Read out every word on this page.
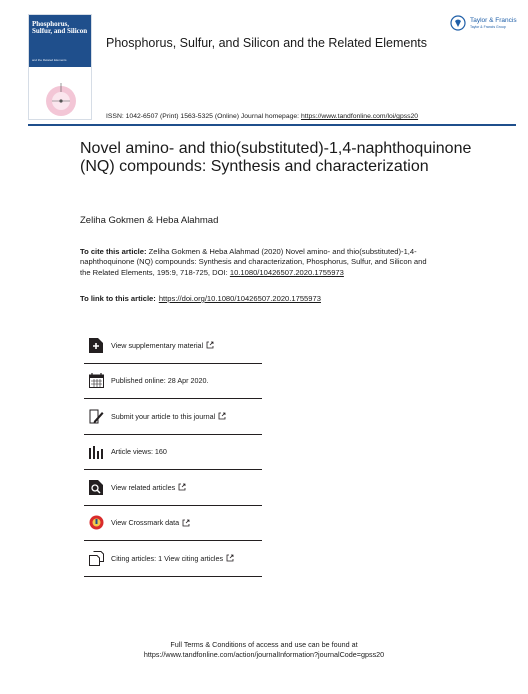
Phosphorus, Sulfur, and Silicon
and the Related Elements
Phosphorus, Sulfur, and Silicon and the Related Elements
Taylor & Francis
Taylor & Francis Group
ISSN: 1042-6507 (Print) 1563-5325 (Online) Journal homepage: https://www.tandfonline.com/loi/gpss20
Novel amino- and thio(substituted)-1,4-naphthoquinone (NQ) compounds: Synthesis and characterization
Zeliha Gokmen & Heba Alahmad
To cite this article: Zeliha Gokmen & Heba Alahmad (2020) Novel amino- and thio(substituted)-1,4-naphthoquinone (NQ) compounds: Synthesis and characterization, Phosphorus, Sulfur, and Silicon and the Related Elements, 195:9, 718-725, DOI: 10.1080/10426507.2020.1755973
To link to this article: https://doi.org/10.1080/10426507.2020.1755973
View supplementary material
Published online: 28 Apr 2020.
Submit your article to this journal
Article views: 160
View related articles
View Crossmark data
Citing articles: 1 View citing articles
Full Terms & Conditions of access and use can be found at
https://www.tandfonline.com/action/journalInformation?journalCode=gpss20
